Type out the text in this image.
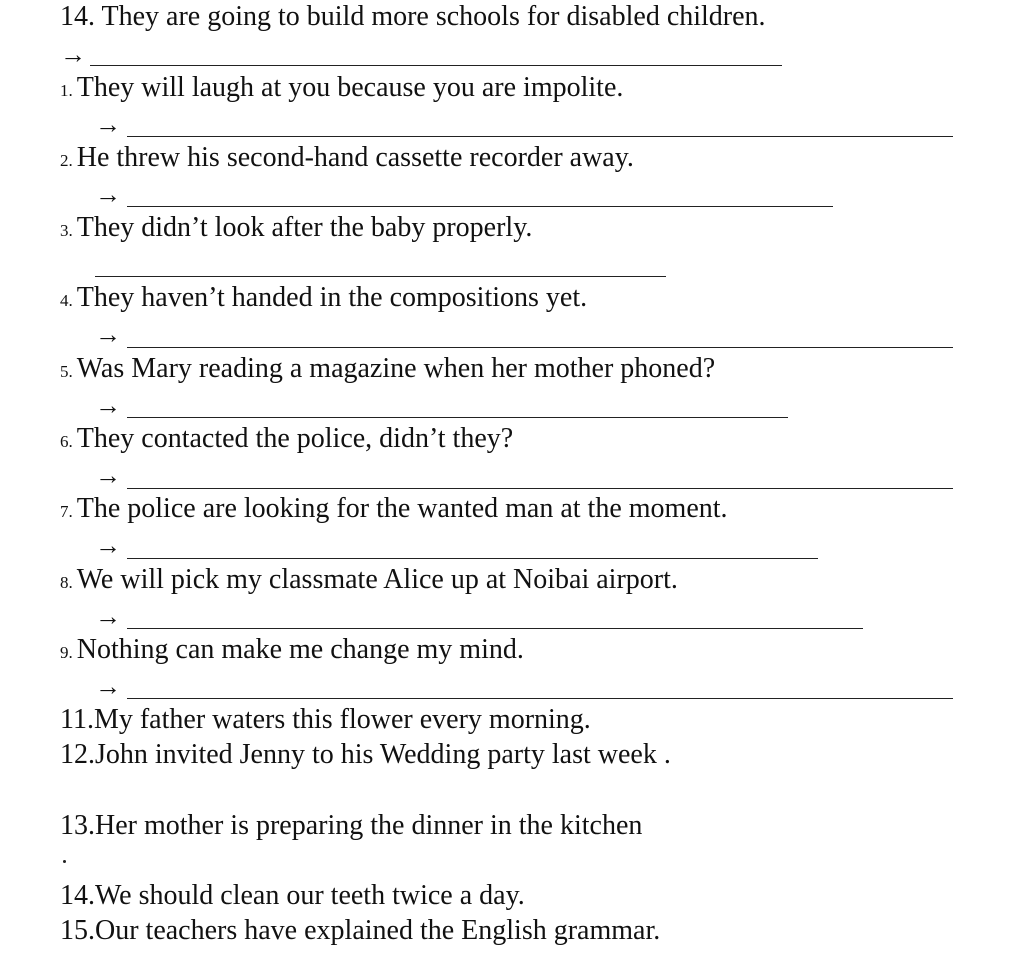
14. They are going to build more schools for disabled children.
→
1. They will laugh at you because you are impolite.
→
2. He threw his second-hand cassette recorder away.
→
3. They didn’t look after the baby properly.
4. They haven’t handed in the compositions yet.
→
5. Was Mary reading a magazine when her mother phoned?
→
6. They contacted the police, didn’t they?
→
7. The police are looking for the wanted man at the moment.
→
8. We will pick my classmate Alice up at Noibai airport.
→
9. Nothing can make me change my mind.
→
11.My father waters this flower every morning.
12.John invited Jenny to his Wedding party last week .
13.Her mother is preparing the dinner in the kitchen
14.We should clean our teeth twice a day.
15.Our teachers have explained the English grammar.
